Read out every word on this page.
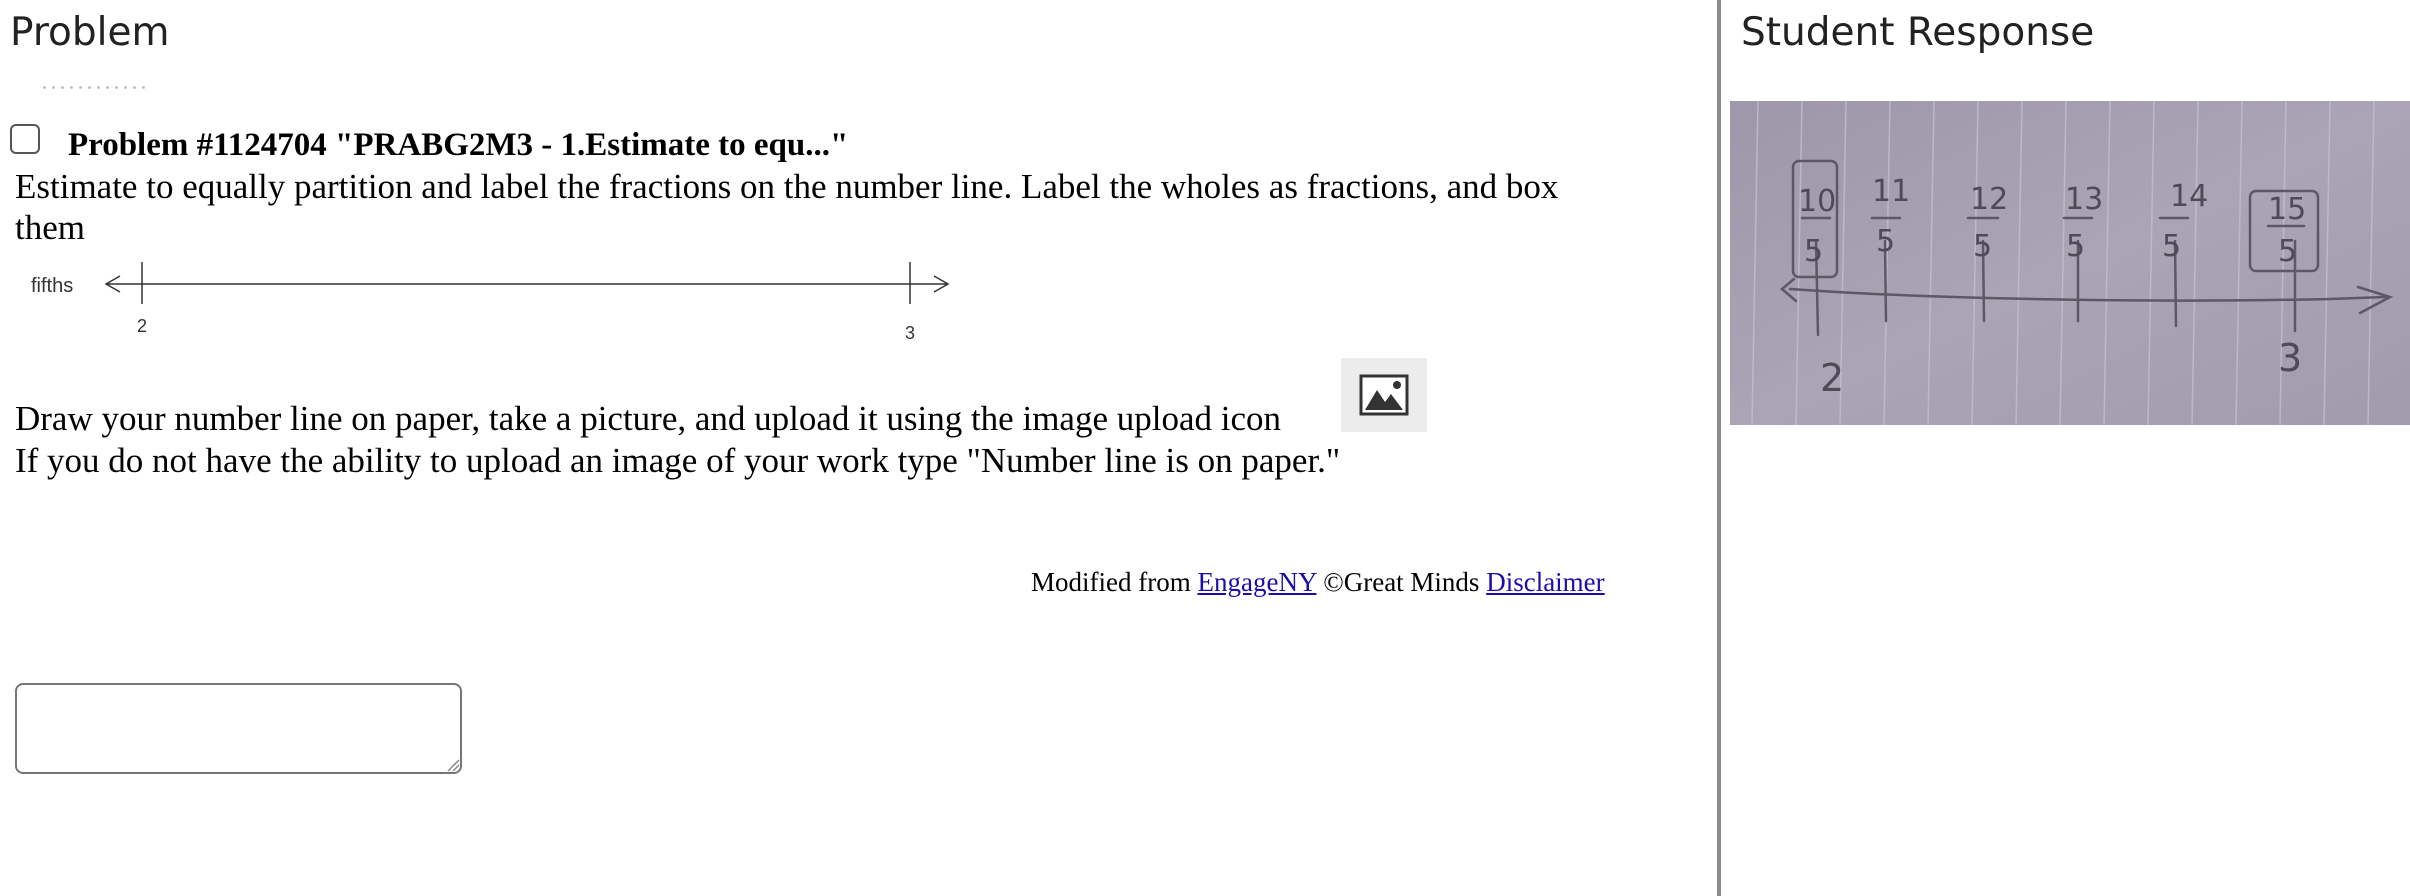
Problem
Problem #1124704 "PRABG2M3 - 1.Estimate to equ..."

Estimate to equally partition and label the fractions on the number line. Label the wholes as fractions, and box them

fifths
2	3

Draw your number line on paper, take a picture, and upload it using the image upload icon

If you do not have the ability to upload an image of your work type "Number line is on paper."

Modified from EngageNY ©Great Minds Disclaimer
Student Response
10
5
11
5
12
5
13
5
14
5
15
5
2	3
